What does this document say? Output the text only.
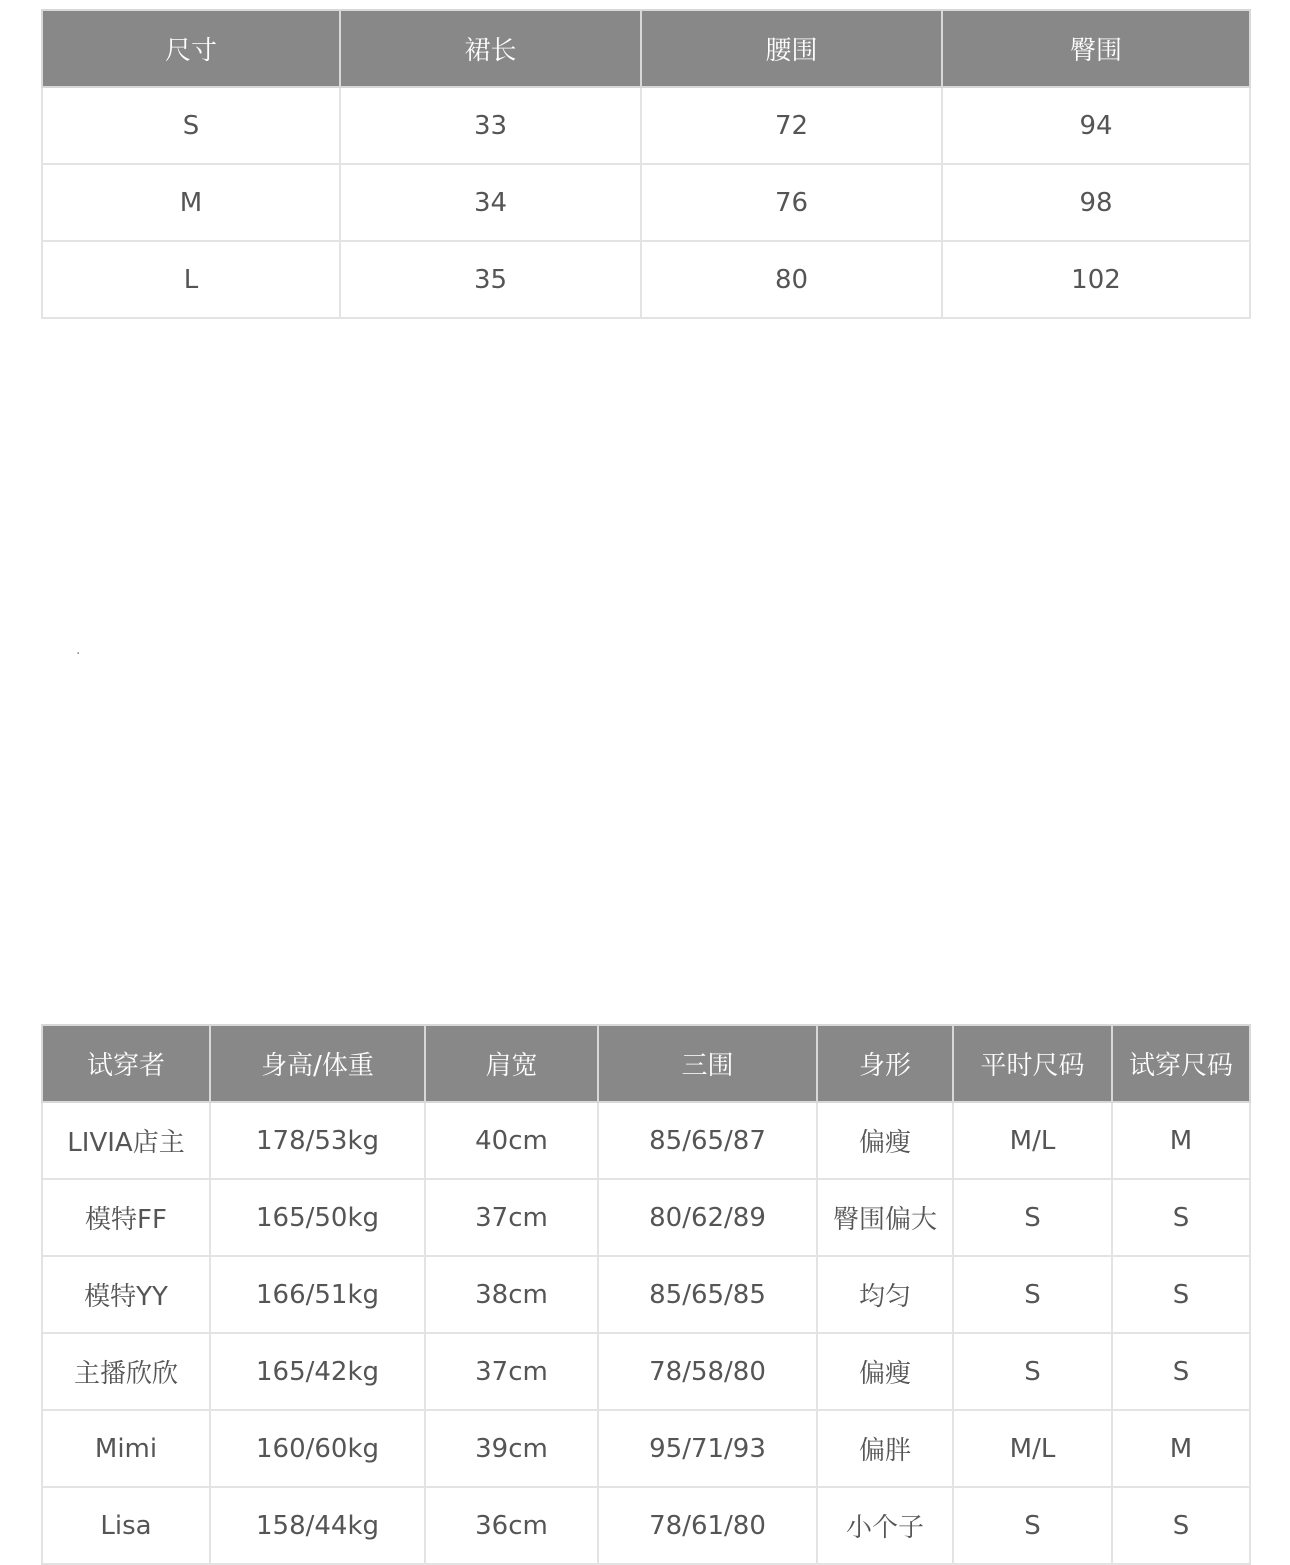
尺寸	裙长	腰围	臀围
S	33	72	94
M	34	76	98
L	35	80	102
·
试穿者	身高/体重	肩宽	三围	身形	平时尺码	试穿尺码
LIVIA店主	178/53kg	40cm	85/65/87	偏瘦	M/L	M
模特FF	165/50kg	37cm	80/62/89	臀围偏大	S	S
模特YY	166/51kg	38cm	85/65/85	均匀	S	S
主播欣欣	165/42kg	37cm	78/58/80	偏瘦	S	S
Mimi	160/60kg	39cm	95/71/93	偏胖	M/L	M
Lisa	158/44kg	36cm	78/61/80	小个子	S	S
